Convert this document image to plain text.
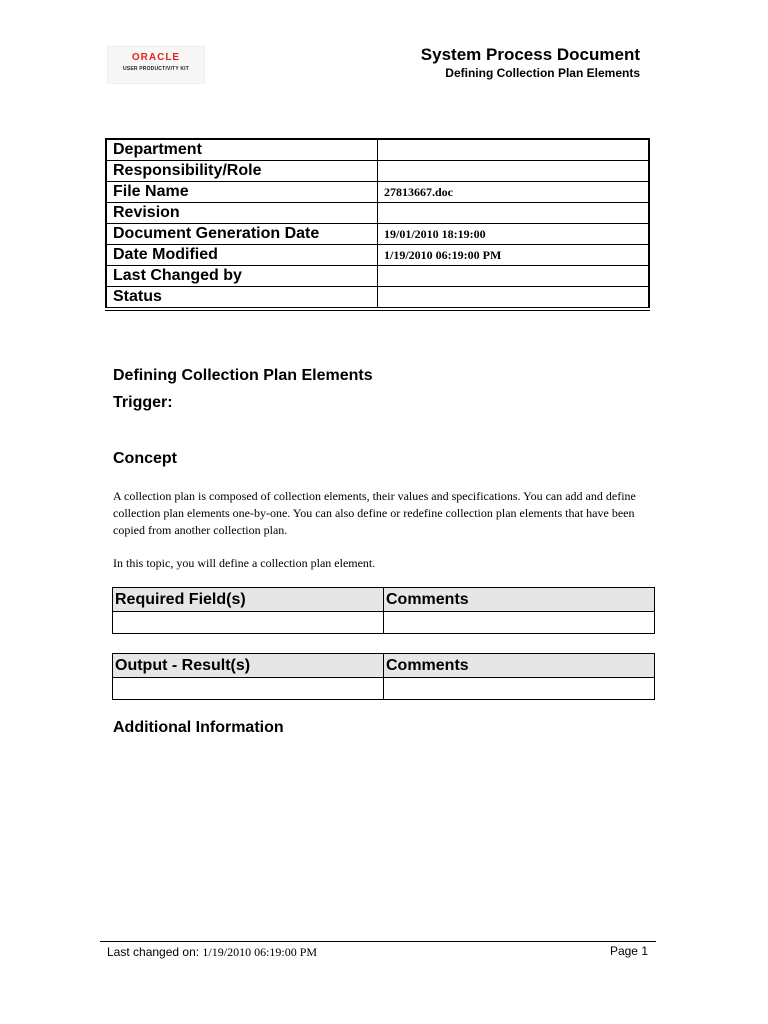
ORACLE
USER PRODUCTIVITY KIT
System Process Document
Defining Collection Plan Elements
Department	
Responsibility/Role	
File Name	27813667.doc
Revision	
Document Generation Date	19/01/2010 18:19:00
Date Modified	1/19/2010 06:19:00 PM
Last Changed by	
Status	
Defining Collection Plan Elements
Trigger:
Concept
A collection plan is composed of collection elements, their values and specifications. You can add and define collection plan elements one-by-one. You can also define or redefine collection plan elements that have been copied from another collection plan.
In this topic, you will define a collection plan element.
Required Field(s)	Comments

Output - Result(s)	Comments

Additional Information
Last changed on: 1/19/2010 06:19:00 PM	Page 1
